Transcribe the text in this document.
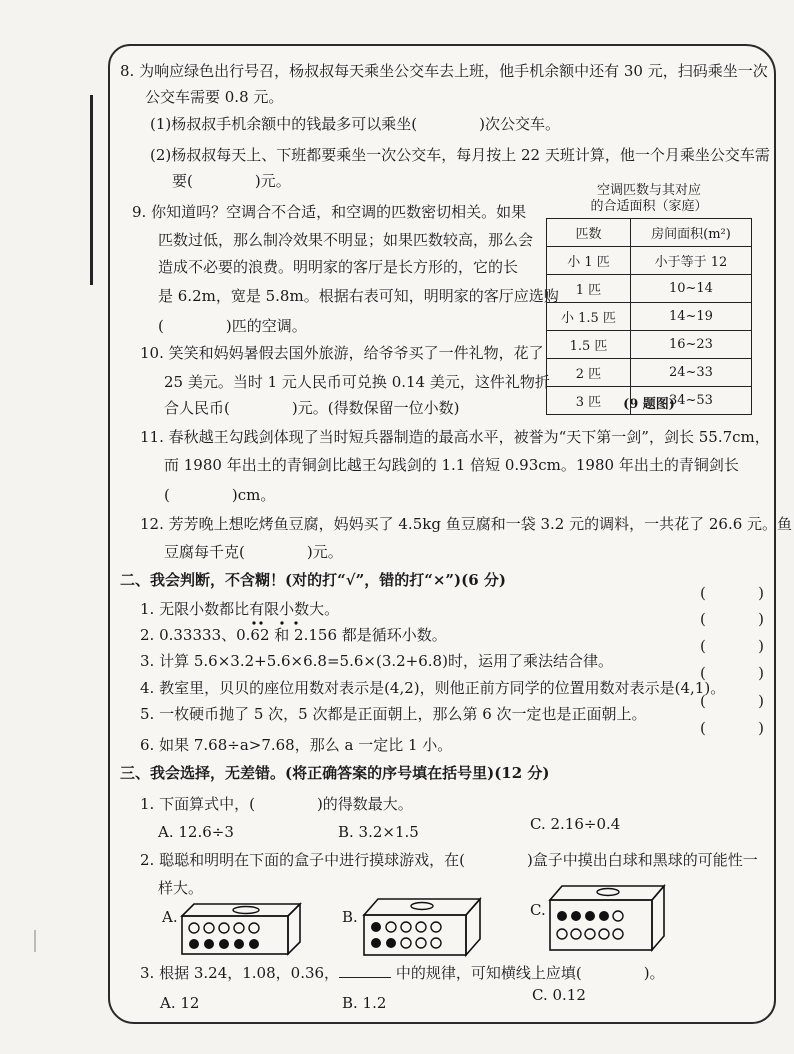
8. 为响应绿色出行号召，杨叔叔每天乘坐公交车去上班，他手机余额中还有 30 元，扫码乘坐一次
公交车需要 0.8 元。
(1)杨叔叔手机余额中的钱最多可以乘坐(	)次公交车。
(2)杨叔叔每天上、下班都要乘坐一次公交车，每月按上 22 天班计算，他一个月乘坐公交车需
要(	)元。
9. 你知道吗？空调合不合适，和空调的匹数密切相关。如果
匹数过低，那么制冷效果不明显；如果匹数较高，那么会
造成不必要的浪费。明明家的客厅是长方形的，它的长
是 6.2m，宽是 5.8m。根据右表可知，明明家的客厅应选购
(	)匹的空调。
空调匹数与其对应
的合适面积（家庭）
匹数	房间面积(m²)
小 1 匹	小于等于 12
1 匹	10~14
小 1.5 匹	14~19
1.5 匹	16~23
2 匹	24~33
3 匹	34~53
(9 题图)
10. 笑笑和妈妈暑假去国外旅游，给爷爷买了一件礼物，花了
25 美元。当时 1 元人民币可兑换 0.14 美元，这件礼物折
合人民币(	)元。(得数保留一位小数)
11. 春秋越王勾践剑体现了当时短兵器制造的最高水平，被誉为“天下第一剑”，剑长 55.7cm，
而 1980 年出土的青铜剑比越王勾践剑的 1.1 倍短 0.93cm。1980 年出土的青铜剑长
(	)cm。
12. 芳芳晚上想吃烤鱼豆腐，妈妈买了 4.5kg 鱼豆腐和一袋 3.2 元的调料，一共花了 26.6 元。鱼
豆腐每千克(	)元。
二、我会判断，不含糊！(对的打“√”，错的打“×”)(6 分)
1. 无限小数都比有限小数大。
2. 0.33333、0.62 和 2.156 都是循环小数。
3. 计算 5.6×3.2+5.6×6.8=5.6×(3.2+6.8)时，运用了乘法结合律。
4. 教室里，贝贝的座位用数对表示是(4,2)，则他正前方同学的位置用数对表示是(4,1)。
5. 一枚硬币抛了 5 次，5 次都是正面朝上，那么第 6 次一定也是正面朝上。
6. 如果 7.68÷a>7.68，那么 a 一定比 1 小。
(	)
(	)
(	)
(	)
(	)
(	)
三、我会选择，无差错。(将正确答案的序号填在括号里)(12 分)
1. 下面算式中，(	)的得数最大。
A. 12.6÷3	B. 3.2×1.5	C. 2.16÷0.4
2. 聪聪和明明在下面的盒子中进行摸球游戏，在(	)盒子中摸出白球和黑球的可能性一
样大。
A.	B.	C.
3. 根据 3.24，1.08，0.36，	中的规律，可知横线上应填(	)。
A. 12	B. 1.2	C. 0.12
